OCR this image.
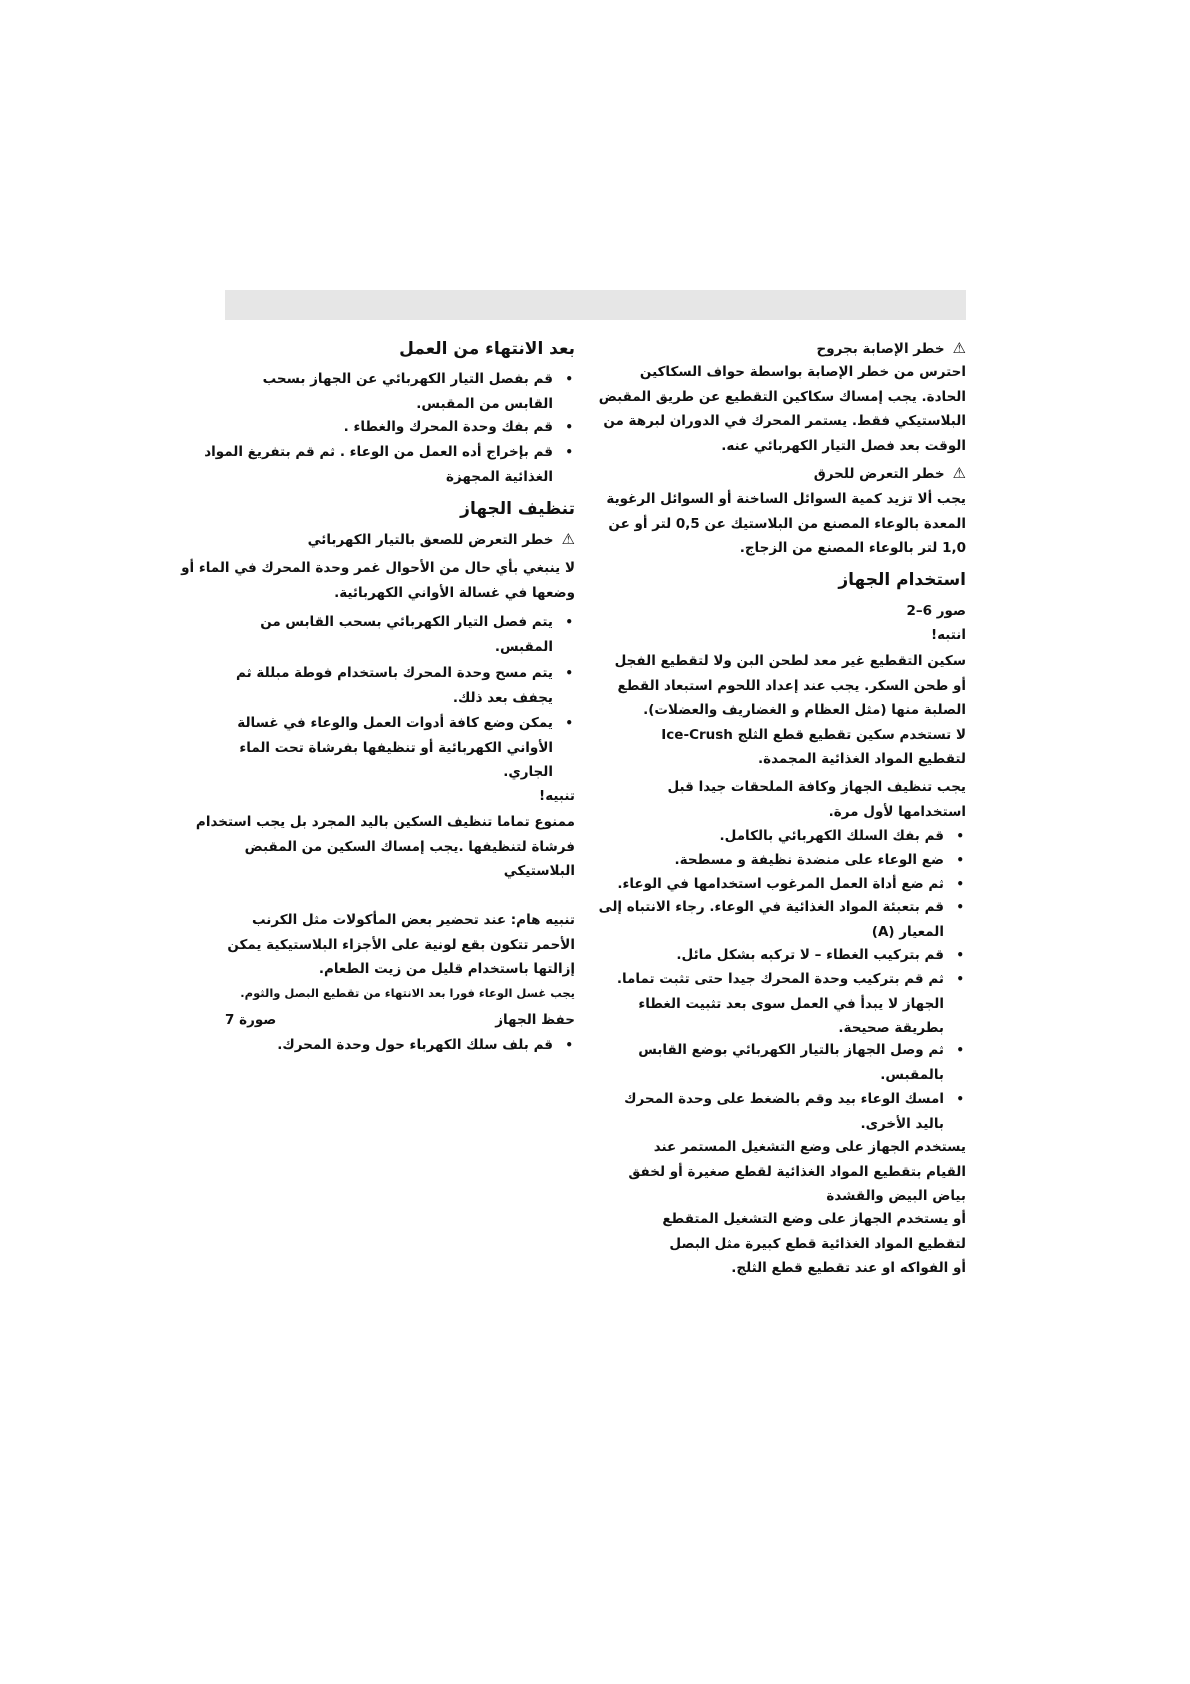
⚠خطر الإصابة بجروح
احترس من خطر الإصابة بواسطة حواف السكاكين
الحادة. يجب إمساك سكاكين التقطيع عن طريق المقبض
البلاستيكي فقط. يستمر المحرك في الدوران لبرهة من
الوقت بعد فصل التيار الكهربائي عنه.
⚠خطر التعرض للحرق
يجب ألا تزيد كمية السوائل الساخنة أو السوائل الرغوية
المعدة بالوعاء المصنع من البلاستيك عن 0,5 لتر أو عن
1,0 لتر بالوعاء المصنع من الزجاج.
استخدام الجهاز
صور 6–2
انتبه!
سكين التقطيع غير معد لطحن البن ولا لتقطيع الفجل
أو طحن السكر. يجب عند إعداد اللحوم استبعاد القطع
الصلبة منها (مثل العظام و الغضاريف والعضلات).
لا تستخدم سكين تقطيع قطع الثلج Ice-Crush
لتقطيع المواد الغذائية المجمدة.
يجب تنظيف الجهاز وكافة الملحقات جيدا قبل
استخدامها لأول مرة.
•
قم بفك السلك الكهربائي بالكامل.
•
ضع الوعاء على منضدة نظيفة و مسطحة.
•
ثم ضع أداة العمل المرغوب استخدامها في الوعاء.
•
قم بتعبئة المواد الغذائية في الوعاء. رجاء الانتباه إلى
المعيار (A)
•
قم بتركيب الغطاء – لا تركبه بشكل مائل.
•
ثم قم بتركيب وحدة المحرك جيدا حتى تثبت تماما.
الجهاز لا يبدأ في العمل سوى بعد تثبيت الغطاء
بطريقة صحيحة.
•
ثم وصل الجهاز بالتيار الكهربائي بوضع القابس
بالمقبس.
•
امسك الوعاء بيد وقم بالضغط على وحدة المحرك
باليد الأخرى.
يستخدم الجهاز على وضع التشغيل المستمر عند
القيام بتقطيع المواد الغذائية لقطع صغيرة أو لخفق
بياض البيض والقشدة
أو يستخدم الجهاز على وضع التشغيل المتقطع
لتقطيع المواد الغذائية قطع كبيرة مثل البصل
أو الفواكه او عند تقطيع قطع الثلج.
بعد الانتهاء من العمل
•
قم بفصل التيار الكهربائي عن الجهاز بسحب
القابس من المقبس.
•
قم بفك وحدة المحرك والغطاء .
•
قم بإخراج أده العمل من الوعاء . ثم قم بتفريغ المواد
الغذائية المجهزة
تنظيف الجهاز
⚠خطر التعرض للصعق بالتيار الكهربائي
لا ينبغي بأي حال من الأحوال غمر وحدة المحرك في الماء أو
وضعها في غسالة الأواني الكهربائية.
•
يتم فصل التيار الكهربائي بسحب القابس من
المقبس.
•
يتم مسح وحدة المحرك باستخدام فوطة مبللة ثم
يجفف بعد ذلك.
•
يمكن وضع كافة أدوات العمل والوعاء في غسالة
الأواني الكهربائية أو تنظيفها بفرشاة تحت الماء
الجاري.
تنبيه!
ممنوع تماما تنظيف السكين باليد المجرد بل يجب استخدام
فرشاة لتنظيفها .يجب إمساك السكين من المقبض
البلاستيكي
تنبيه هام: عند تحضير بعض المأكولات مثل الكرنب
الأحمر تتكون بقع لونية على الأجزاء البلاستيكية يمكن
إزالتها باستخدام قليل من زيت الطعام.
يجب غسل الوعاء فورا بعد الانتهاء من تقطيع البصل والثوم.
حفظ الجهاز
صورة 7
•
قم بلف سلك الكهرباء حول وحدة المحرك.
